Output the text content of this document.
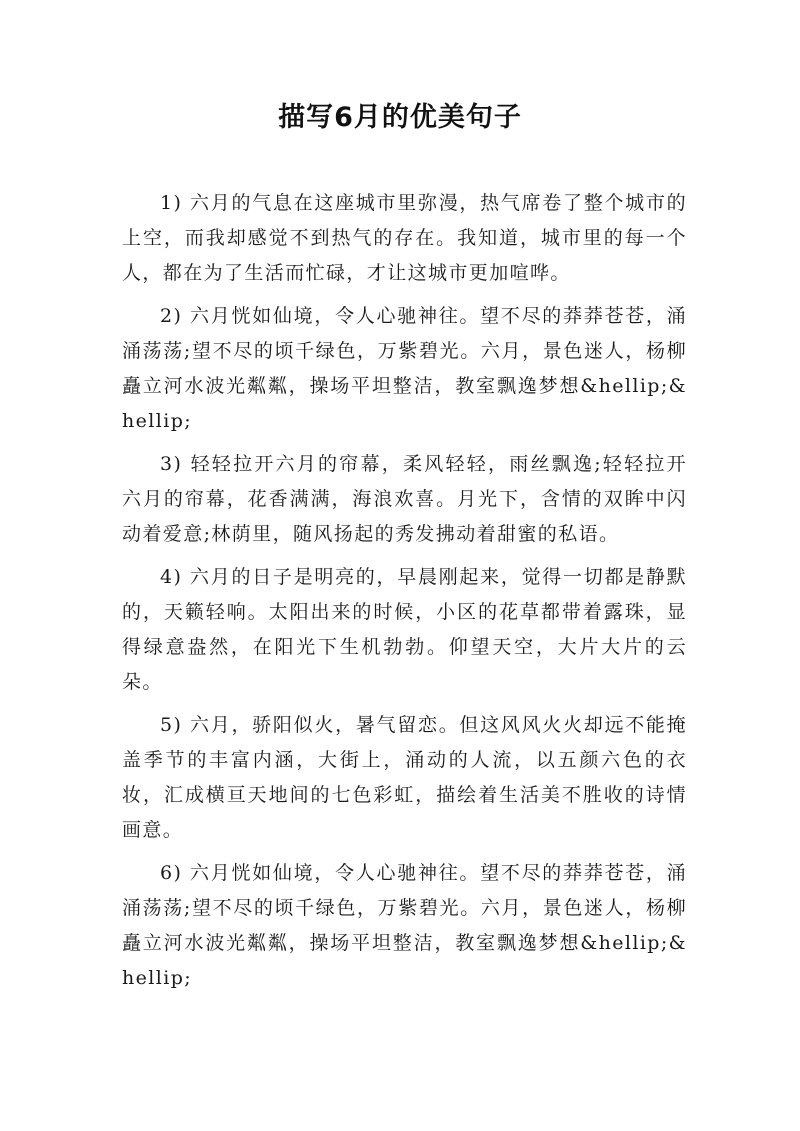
描写6月的优美句子

1) 六月的气息在这座城市里弥漫，热气席卷了整个城市的上空，而我却感觉不到热气的存在。我知道，城市里的每一个人，都在为了生活而忙碌，才让这城市更加喧哗。

2) 六月恍如仙境，令人心驰神往。望不尽的莽莽苍苍，涌涌荡荡;望不尽的顷千绿色，万紫碧光。六月，景色迷人，杨柳矗立河水波光粼粼，操场平坦整洁，教室飘逸梦想&hellip;&hellip;

3) 轻轻拉开六月的帘幕，柔风轻轻，雨丝飘逸;轻轻拉开六月的帘幕，花香满满，海浪欢喜。月光下，含情的双眸中闪动着爱意;林荫里，随风扬起的秀发拂动着甜蜜的私语。

4) 六月的日子是明亮的，早晨刚起来，觉得一切都是静默的，天籁轻响。太阳出来的时候，小区的花草都带着露珠，显得绿意盎然，在阳光下生机勃勃。仰望天空，大片大片的云朵。

5) 六月，骄阳似火，暑气留恋。但这风风火火却远不能掩盖季节的丰富内涵，大街上，涌动的人流，以五颜六色的衣妆，汇成横亘天地间的七色彩虹，描绘着生活美不胜收的诗情画意。

6) 六月恍如仙境，令人心驰神往。望不尽的莽莽苍苍，涌涌荡荡;望不尽的顷千绿色，万紫碧光。六月，景色迷人，杨柳矗立河水波光粼粼，操场平坦整洁，教室飘逸梦想&hellip;&hellip;
